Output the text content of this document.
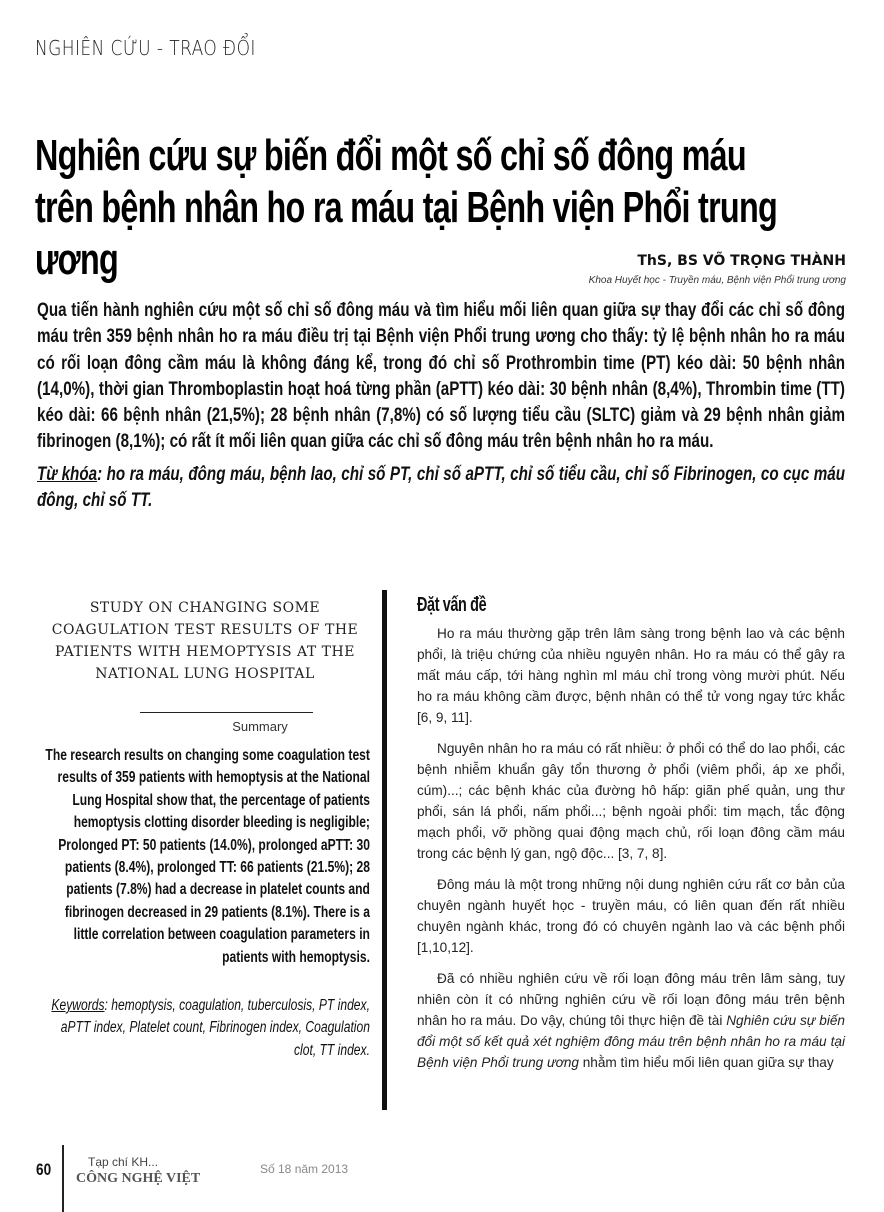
NGHIÊN CỨU - TRAO ĐỔI
Nghiên cứu sự biến đổi một số chỉ số đông máu
trên bệnh nhân ho ra máu tại Bệnh viện Phổi trung ương	ThS, BS VÕ TRỌNG THÀNH
Khoa Huyết học - Truyền máu, Bệnh viện Phổi trung ương
Qua tiến hành nghiên cứu một số chỉ số đông máu và tìm hiểu mối liên quan giữa sự thay đổi các chỉ số đông máu trên 359 bệnh nhân ho ra máu điều trị tại Bệnh viện Phổi trung ương cho thấy: tỷ lệ bệnh nhân ho ra máu có rối loạn đông cầm máu là không đáng kể, trong đó chỉ số Prothrombin time (PT) kéo dài: 50 bệnh nhân (14,0%), thời gian Thromboplastin hoạt hoá từng phần (aPTT) kéo dài: 30 bệnh nhân (8,4%), Thrombin time (TT) kéo dài: 66 bệnh nhân (21,5%); 28 bệnh nhân (7,8%) có số lượng tiểu cầu (SLTC) giảm và 29 bệnh nhân giảm fibrinogen (8,1%); có rất ít mối liên quan giữa các chỉ số đông máu trên bệnh nhân ho ra máu.
Từ khóa: ho ra máu, đông máu, bệnh lao, chỉ số PT, chỉ số aPTT, chỉ số tiểu cầu, chỉ số Fibrinogen, co cục máu đông, chỉ số TT.
STUDY ON CHANGING SOME COAGULATION TEST RESULTS OF THE PATIENTS WITH HEMOPTYSIS AT THE NATIONAL LUNG HOSPITAL
Summary
The research results on changing some coagulation test results of 359 patients with hemoptysis at the National Lung Hospital show that, the percentage of patients hemoptysis clotting disorder bleeding is negligible; Prolonged PT: 50 patients (14.0%), prolonged aPTT: 30 patients (8.4%), prolonged TT: 66 patients (21.5%); 28 patients (7.8%) had a decrease in platelet counts and fibrinogen decreased in 29 patients (8.1%). There is a little correlation between coagulation parameters in patients with hemoptysis.
Keywords: hemoptysis, coagulation, tuberculosis, PT index, aPTT index, Platelet count, Fibrinogen index, Coagulation clot, TT index.
Đặt vấn đề

Ho ra máu thường gặp trên lâm sàng trong bệnh lao và các bệnh phổi, là triệu chứng của nhiều nguyên nhân. Ho ra máu có thể gây ra mất máu cấp, tới hàng nghìn ml máu chỉ trong vòng mười phút. Nếu ho ra máu không cầm được, bệnh nhân có thể tử vong ngay tức khắc [6, 9, 11].

Nguyên nhân ho ra máu có rất nhiều: ở phổi có thể do lao phổi, các bệnh nhiễm khuẩn gây tổn thương ở phổi (viêm phổi, áp xe phổi, cúm)...; các bệnh khác của đường hô hấp: giãn phế quản, ung thư phổi, sán lá phổi, nấm phổi...; bệnh ngoài phổi: tim mạch, tắc động mạch phổi, vỡ phồng quai động mạch chủ, rối loạn đông cầm máu trong các bệnh lý gan, ngộ độc... [3, 7, 8].

Đông máu là một trong những nội dung nghiên cứu rất cơ bản của chuyên ngành huyết học - truyền máu, có liên quan đến rất nhiều chuyên ngành khác, trong đó có chuyên ngành lao và các bệnh phổi [1,10,12].

Đã có nhiều nghiên cứu về rối loạn đông máu trên lâm sàng, tuy nhiên còn ít có những nghiên cứu về rối loạn đông máu trên bệnh nhân ho ra máu. Do vậy, chúng tôi thực hiện đề tài Nghiên cứu sự biến đổi một số kết quả xét nghiệm đông máu trên bệnh nhân ho ra máu tại Bệnh viện Phổi trung ương nhằm tìm hiểu mối liên quan giữa sự thay

60	Tạp chí KH...
CÔNG NGHỆ VIỆT
Số 18 năm 2013
